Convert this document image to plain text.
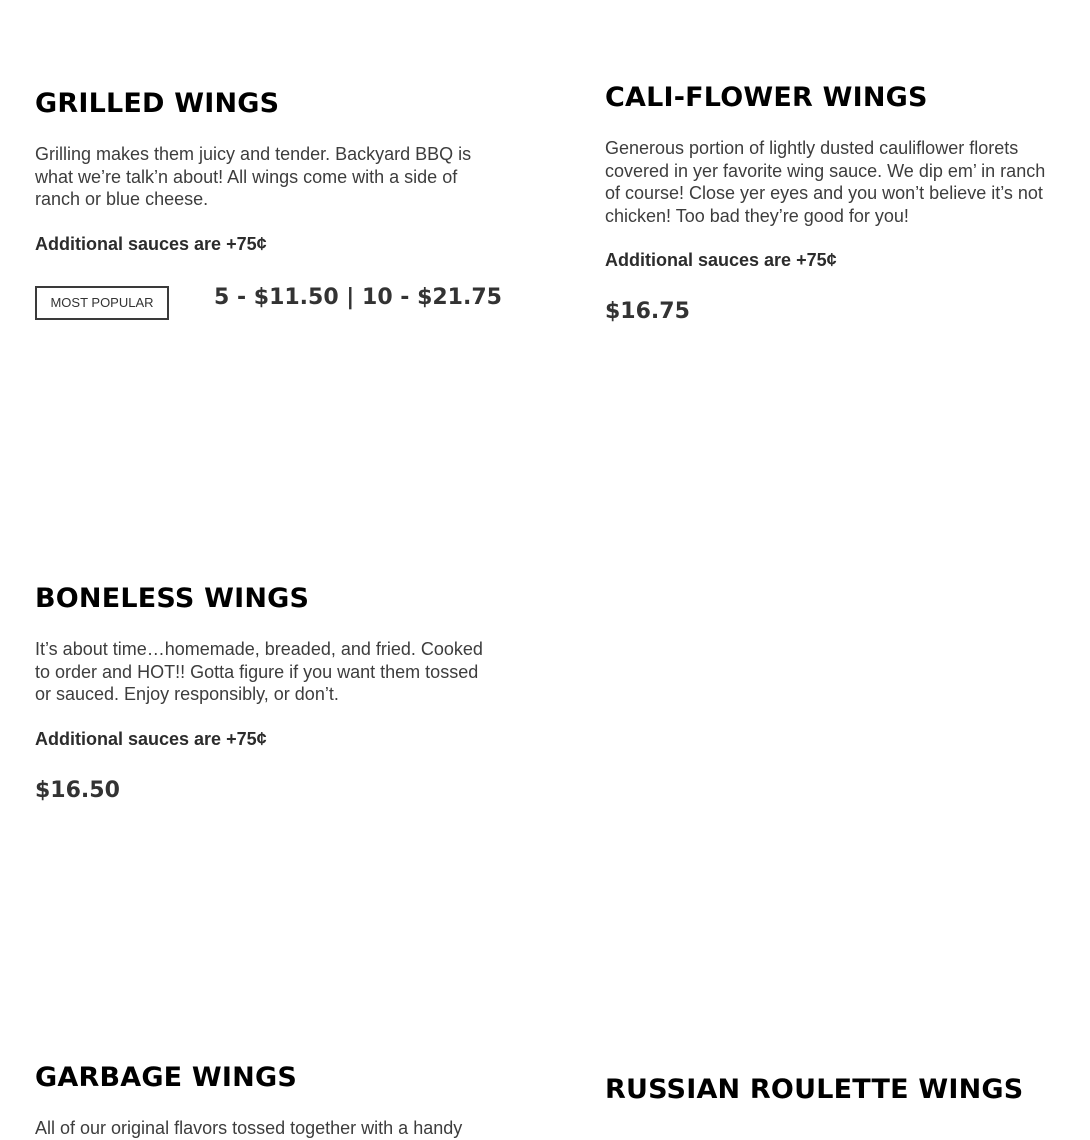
GRILLED WINGS

Grilling makes them juicy and tender. Backyard BBQ is what we’re talk’n about! All wings come with a side of ranch or blue cheese.

Additional sauces are +75¢

MOST POPULAR	5 - $11.50 | 10 - $21.75

CALI-FLOWER WINGS

Generous portion of lightly dusted cauliflower florets covered in yer favorite wing sauce. We dip em’ in ranch of course! Close yer eyes and you won’t believe it’s not chicken! Too bad they’re good for you!

Additional sauces are +75¢

$16.75

BONELESS WINGS

It’s about time…homemade, breaded, and fried. Cooked to order and HOT!! Gotta figure if you want them tossed or sauced. Enjoy responsibly, or don’t.

Additional sauces are +75¢

$16.50

GARBAGE WINGS

All of our original flavors tossed together with a handy

RUSSIAN ROULETTE WINGS
